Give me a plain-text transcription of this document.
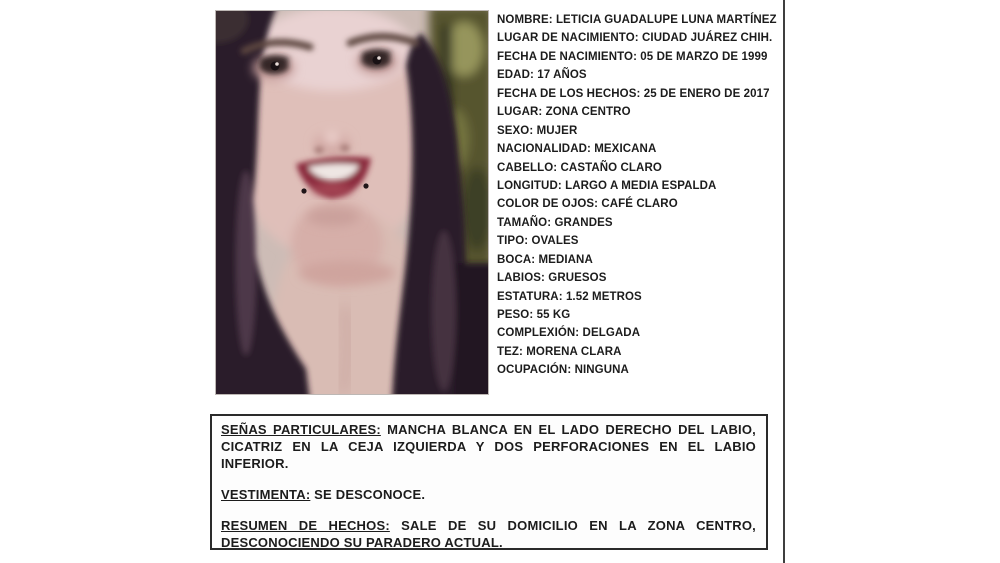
NOMBRE: LETICIA GUADALUPE LUNA MARTÍNEZ
LUGAR DE NACIMIENTO: CIUDAD JUÁREZ CHIH.
FECHA DE NACIMIENTO: 05 DE MARZO DE 1999
EDAD: 17 AÑOS
FECHA DE LOS HECHOS: 25 DE ENERO DE 2017
LUGAR: ZONA CENTRO
SEXO: MUJER
NACIONALIDAD: MEXICANA
CABELLO: CASTAÑO CLARO
LONGITUD: LARGO A MEDIA ESPALDA
COLOR DE OJOS: CAFÉ CLARO
TAMAÑO: GRANDES
TIPO: OVALES
BOCA: MEDIANA
LABIOS: GRUESOS
ESTATURA: 1.52 METROS
PESO: 55 KG
COMPLEXIÓN: DELGADA
TEZ: MORENA CLARA
OCUPACIÓN: NINGUNA

SEÑAS PARTICULARES: MANCHA BLANCA EN EL LADO DERECHO DEL LABIO, CICATRIZ EN LA CEJA IZQUIERDA Y DOS PERFORACIONES EN EL LABIO INFERIOR.

VESTIMENTA: SE DESCONOCE.

RESUMEN DE HECHOS: SALE DE SU DOMICILIO EN LA ZONA CENTRO, DESCONOCIENDO SU PARADERO ACTUAL.
